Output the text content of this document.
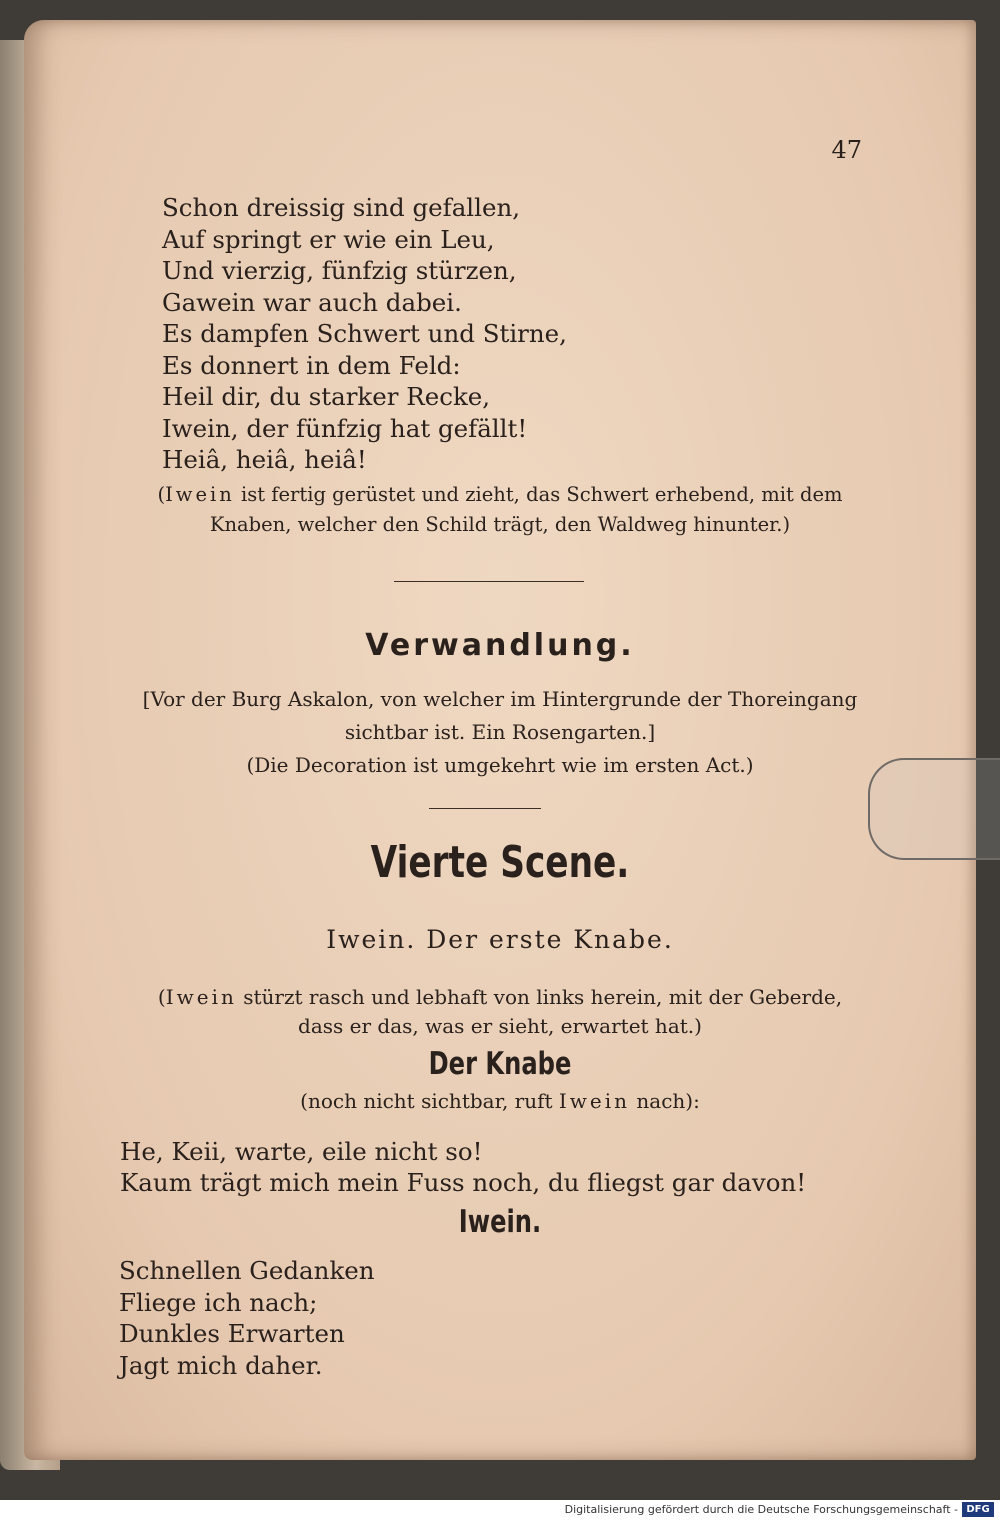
47
Schon dreissig sind gefallen,
Auf springt er wie ein Leu,
Und vierzig, fünfzig stürzen,
Gawein war auch dabei.
Es dampfen Schwert und Stirne,
Es donnert in dem Feld:
Heil dir, du starker Recke,
Iwein, der fünfzig hat gefällt!
Heiâ, heiâ, heiâ!
(Iwein ist fertig gerüstet und zieht, das Schwert erhebend, mit dem
Knaben, welcher den Schild trägt, den Waldweg hinunter.)
Verwandlung.
[Vor der Burg Askalon, von welcher im Hintergrunde der Thoreingang
sichtbar ist. Ein Rosengarten.]
(Die Decoration ist umgekehrt wie im ersten Act.)
Vierte Scene.
Iwein. Der erste Knabe.
(Iwein stürzt rasch und lebhaft von links herein, mit der Geberde,
dass er das, was er sieht, erwartet hat.)
Der Knabe
(noch nicht sichtbar, ruft Iwein nach):
He, Keii, warte, eile nicht so!
Kaum trägt mich mein Fuss noch, du fliegst gar davon!
Iwein.
Schnellen Gedanken
Fliege ich nach;
Dunkles Erwarten
Jagt mich daher.
Digitalisierung gefördert durch die Deutsche Forschungsgemeinschaft - DFG
